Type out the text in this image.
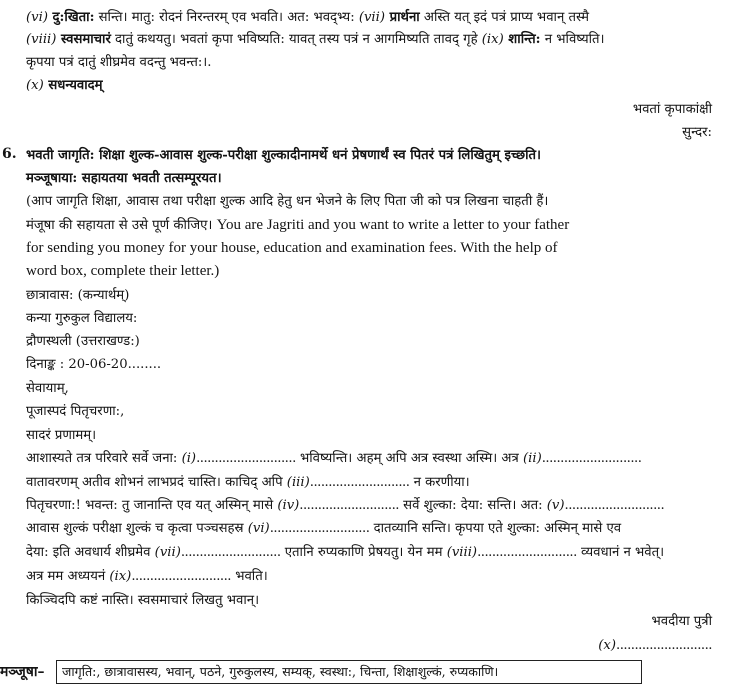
(vi) दु:खिता: सन्ति। मातु: रोदनं निरन्तरम् एव भवति। अत: भवद्भ्य: (vii) प्रार्थना अस्ति यत् इदं पत्रं प्राप्य भवान् तस्मै
(viii) स्वसमाचारं दातुं कथयतु। भवतां कृपा भविष्यति: यावत् तस्य पत्रं न आगमिष्यति तावद् गृहे (ix) शान्ति: न भविष्यति।
कृपया पत्रं दातुं शीघ्रमेव वदन्तु भवन्त:।.
(x) सधन्यवादम्
भवतां कृपाकांक्षी
सुन्दर:
6. भवती जागृति: शिक्षा शुल्क-आवास शुल्क-परीक्षा शुल्कादीनामर्थे धनं प्रेषणार्थं स्व पितरं पत्रं लिखितुम् इच्छति।
मञ्जूषाया: सहायतया भवती तत्सम्पूरयत।
(आप जागृति शिक्षा, आवास तथा परीक्षा शुल्क आदि हेतु धन भेजने के लिए पिता जी को पत्र लिखना चाहती हैं।
मंजूषा की सहायता से उसे पूर्ण कीजिए। You are Jagriti and you want to write a letter to your father
for sending you money for your house, education and examination fees. With the help of
word box, complete their letter.)
छात्रावास: (कन्यार्थम्)
कन्या गुरुकुल विद्यालय:
द्रौणस्थली (उत्तराखण्ड:)
दिनाङ्क : 20-06-20........
सेवायाम्,
पूजास्पदं पितृचरणा:,
सादरं प्रणामम्।
आशास्यते तत्र परिवारे सर्वे जना: (i)........................... भविष्यन्ति। अहम् अपि अत्र स्वस्था अस्मि। अत्र (ii)...........................
वातावरणम् अतीव शोभनं लाभप्रदं चास्ति। काचिद् अपि (iii)........................... न करणीया।
पितृचरणा:! भवन्त: तु जानान्ति एव यत् अस्मिन् मासे (iv)........................... सर्वे शुल्का: देया: सन्ति। अत: (v)...........................
आवास शुल्कं परीक्षा शुल्कं च कृत्वा पञ्चसहस्र (vi)........................... दातव्यानि सन्ति। कृपया एते शुल्का: अस्मिन् मासे एव
देया: इति अवधार्य शीघ्रमेव (vii)........................... एतानि रुप्यकाणि प्रेषयतु। येन मम (viii)........................... व्यवधानं न भवेत्।
अत्र मम अध्ययनं (ix)........................... भवति।
किञ्चिदपि कष्टं नास्ति। स्वसमाचारं लिखतु भवान्।
भवदीया पुत्री
(x)..........................
मञ्जूषा–	जागृति:, छात्रावासस्य, भवान्, पठने, गुरुकुलस्य, सम्यक्, स्वस्था:, चिन्ता, शिक्षाशुल्कं, रुप्यकाणि।
